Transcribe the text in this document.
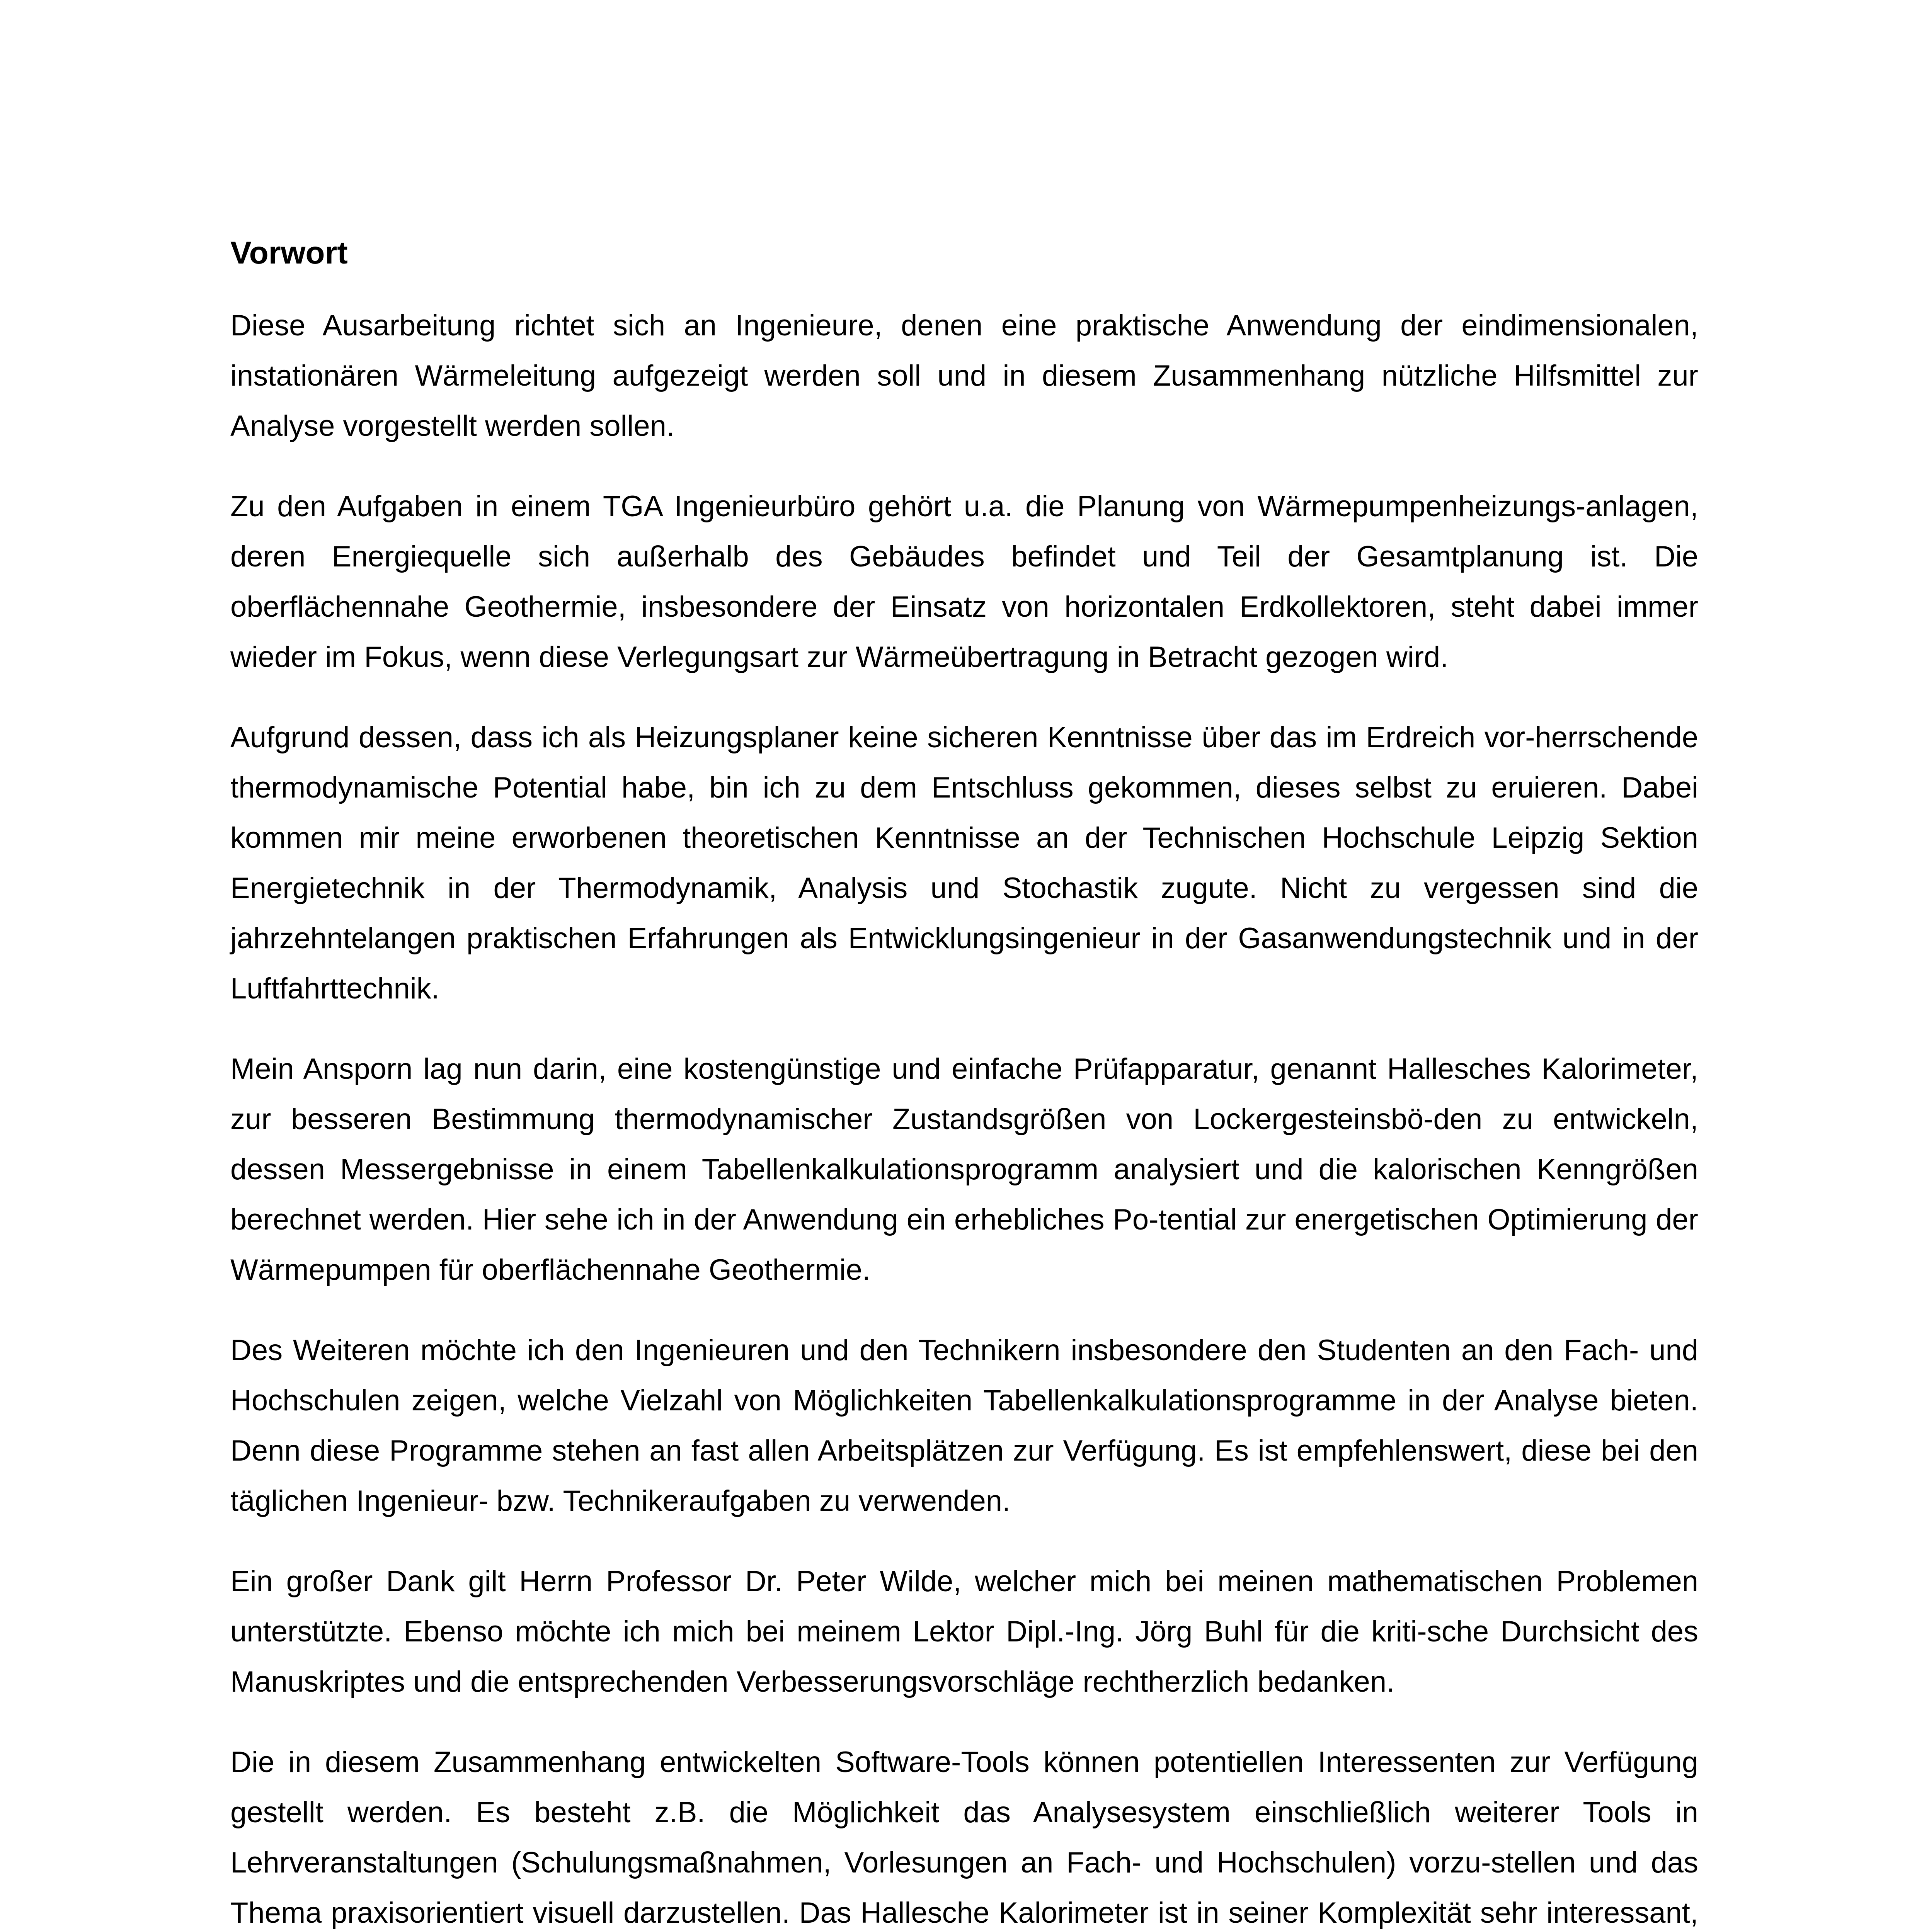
Vorwort

Diese Ausarbeitung richtet sich an Ingenieure, denen eine praktische Anwendung der eindimensionalen, instationären Wärmeleitung aufgezeigt werden soll und in diesem Zusammenhang nützliche Hilfsmittel zur Analyse vorgestellt werden sollen.

Zu den Aufgaben in einem TGA Ingenieurbüro gehört u.a. die Planung von Wärmepumpenheizungs-anlagen, deren Energiequelle sich außerhalb des Gebäudes befindet und Teil der Gesamtplanung ist. Die oberflächennahe Geothermie, insbesondere der Einsatz von horizontalen Erdkollektoren, steht dabei immer wieder im Fokus, wenn diese Verlegungsart zur Wärmeübertragung in Betracht gezogen wird.

Aufgrund dessen, dass ich als Heizungsplaner keine sicheren Kenntnisse über das im Erdreich vor-herrschende thermodynamische Potential habe, bin ich zu dem Entschluss gekommen, dieses selbst zu eruieren. Dabei kommen mir meine erworbenen theoretischen Kenntnisse an der Technischen Hochschule Leipzig Sektion Energietechnik in der Thermodynamik, Analysis und Stochastik zugute. Nicht zu vergessen sind die jahrzehntelangen praktischen Erfahrungen als Entwicklungsingenieur in der Gasanwendungstechnik und in der Luftfahrttechnik.

Mein Ansporn lag nun darin, eine kostengünstige und einfache Prüfapparatur, genannt Hallesches Kalorimeter, zur besseren Bestimmung thermodynamischer Zustandsgrößen von Lockergesteinsbö-den zu entwickeln, dessen Messergebnisse in einem Tabellenkalkulationsprogramm analysiert und die kalorischen Kenngrößen berechnet werden. Hier sehe ich in der Anwendung ein erhebliches Po-tential zur energetischen Optimierung der Wärmepumpen für oberflächennahe Geothermie.

Des Weiteren möchte ich den Ingenieuren und den Technikern insbesondere den Studenten an den Fach- und Hochschulen zeigen, welche Vielzahl von Möglichkeiten Tabellenkalkulationsprogramme in der Analyse bieten. Denn diese Programme stehen an fast allen Arbeitsplätzen zur Verfügung. Es ist empfehlenswert, diese bei den täglichen Ingenieur- bzw. Technikeraufgaben zu verwenden.

Ein großer Dank gilt Herrn Professor Dr. Peter Wilde, welcher mich bei meinen mathematischen Problemen unterstützte. Ebenso möchte ich mich bei meinem Lektor Dipl.-Ing. Jörg Buhl für die kriti-sche Durchsicht des Manuskriptes und die entsprechenden Verbesserungsvorschläge rechtherzlich bedanken.

Die in diesem Zusammenhang entwickelten Software-Tools können potentiellen Interessenten zur Verfügung gestellt werden. Es besteht z.B. die Möglichkeit das Analysesystem einschließlich weiterer Tools in Lehrveranstaltungen (Schulungsmaßnahmen, Vorlesungen an Fach- und Hochschulen) vorzu-stellen und das Thema praxisorientiert visuell darzustellen. Das Hallesche Kalorimeter ist in seiner Komplexität sehr interessant,
